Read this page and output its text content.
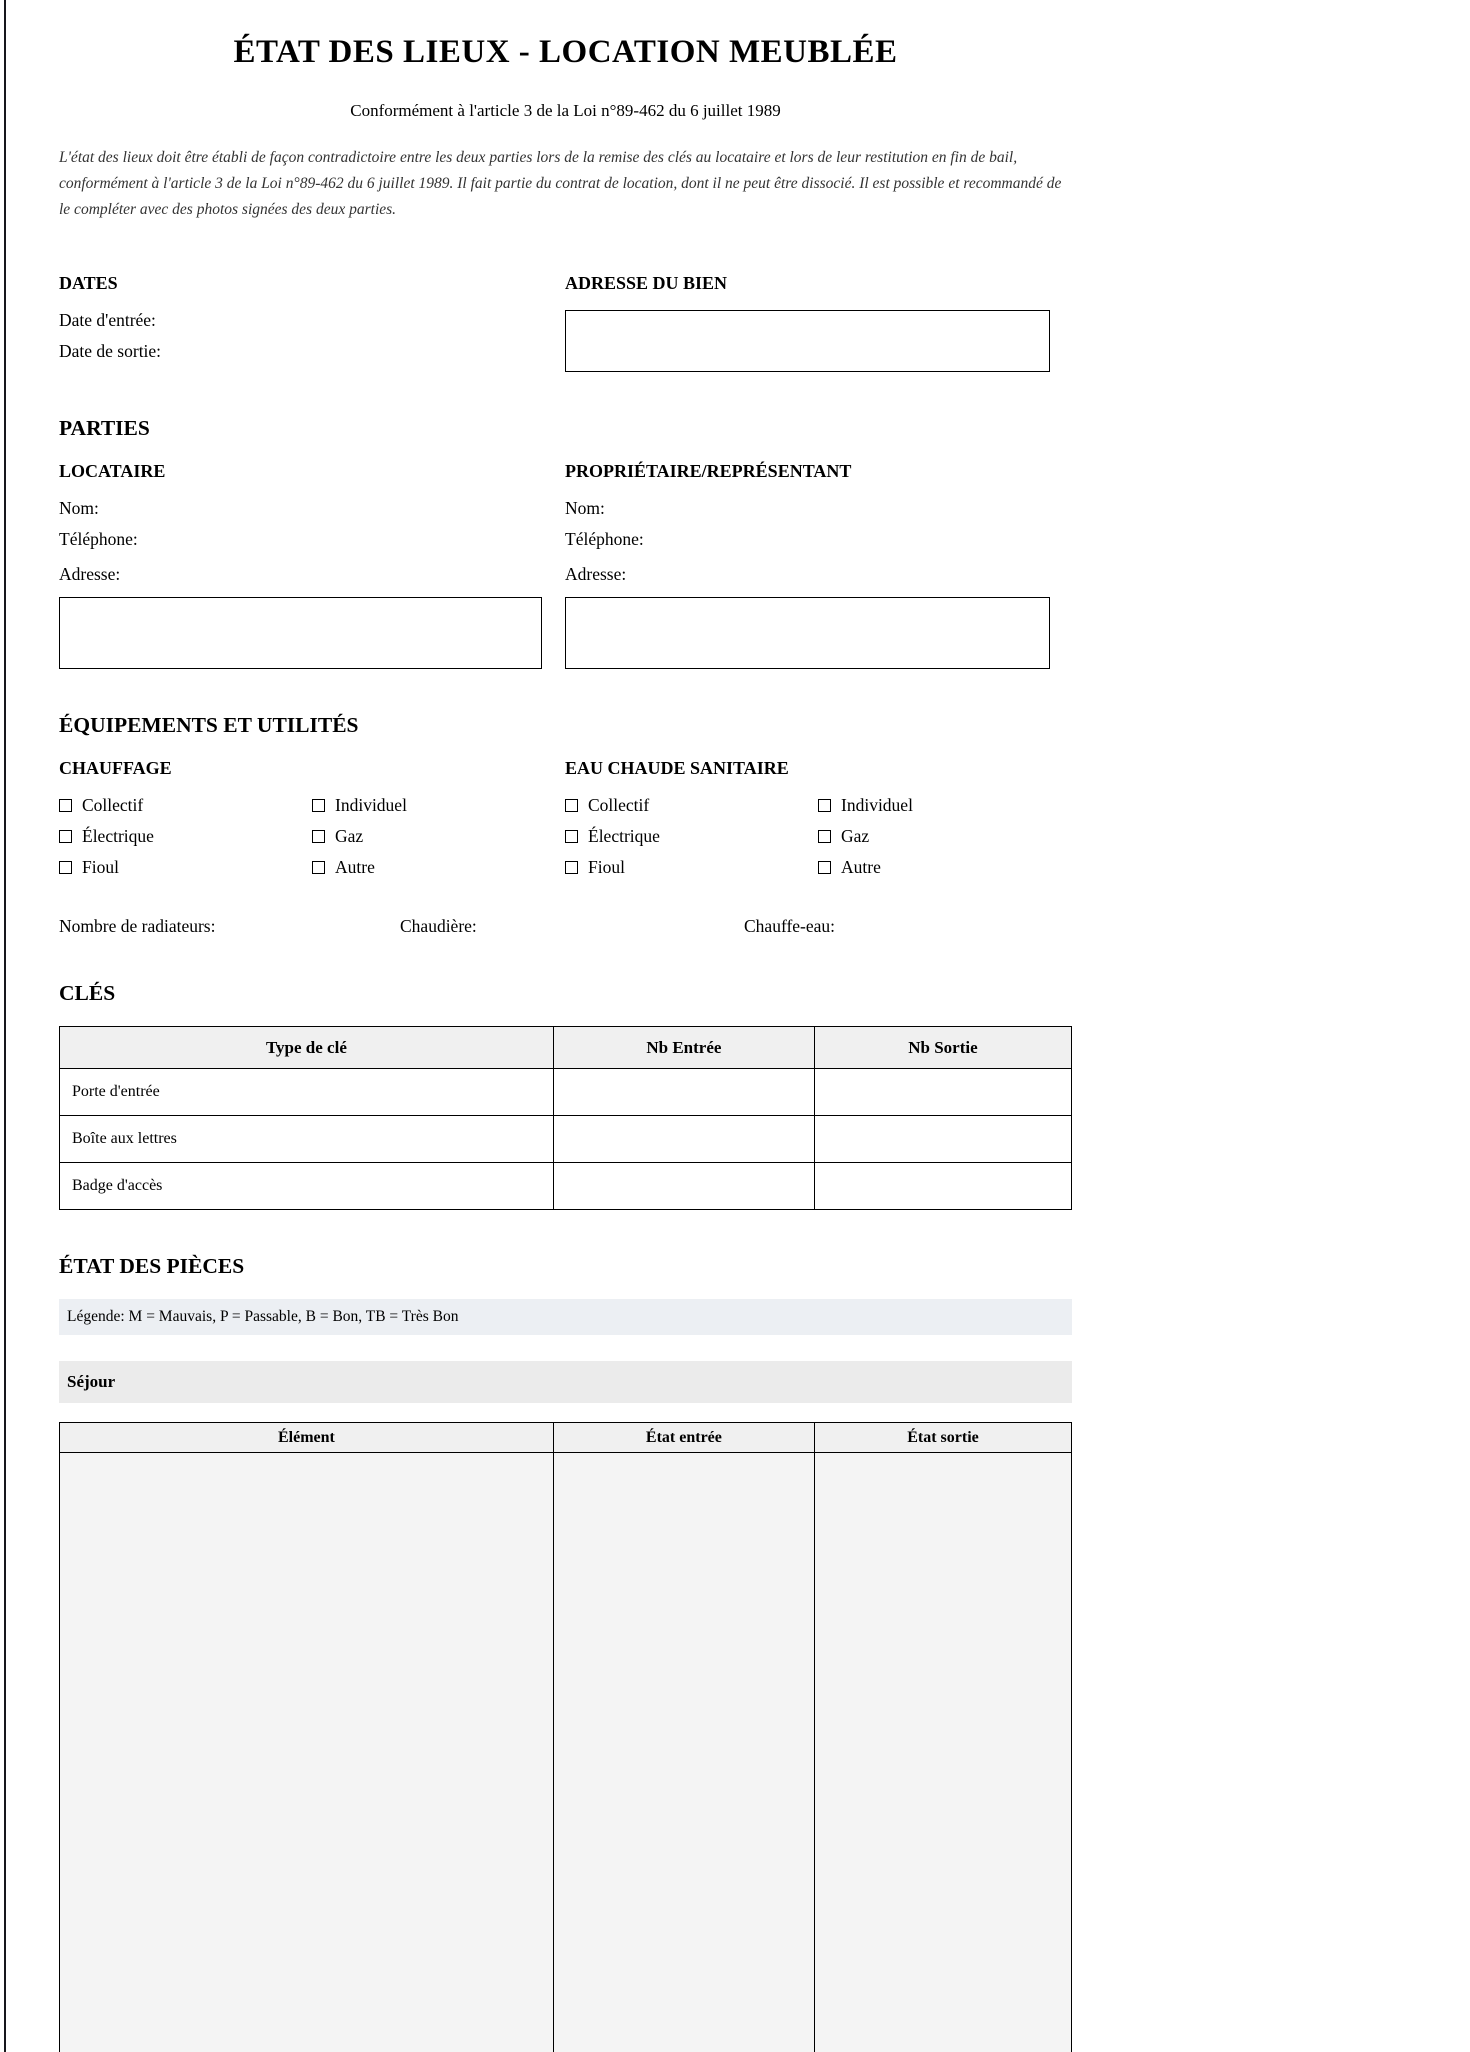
ÉTAT DES LIEUX - LOCATION MEUBLÉE

Conformément à l'article 3 de la Loi n°89-462 du 6 juillet 1989

L'état des lieux doit être établi de façon contradictoire entre les deux parties lors de la remise des clés au locataire et lors de leur restitution en fin de bail, conformément à l'article 3 de la Loi n°89-462 du 6 juillet 1989. Il fait partie du contrat de location, dont il ne peut être dissocié. Il est possible et recommandé de le compléter avec des photos signées des deux parties.

DATES
Date d'entrée:
Date de sortie:
ADRESSE DU BIEN
PARTIES
LOCATAIRE
Nom:
Téléphone:
Adresse:
PROPRIÉTAIRE/REPRÉSENTANT
Nom:
Téléphone:
Adresse:
ÉQUIPEMENTS ET UTILITÉS
CHAUFFAGE
Collectif	Individuel
Électrique	Gaz
Fioul	Autre
EAU CHAUDE SANITAIRE
Collectif	Individuel
Électrique	Gaz
Fioul	Autre
Nombre de radiateurs:	Chaudière:	Chauffe-eau:
CLÉS
Type de clé	Nb Entrée	Nb Sortie
Porte d'entrée		
Boîte aux lettres		
Badge d'accès		
ÉTAT DES PIÈCES
Légende: M = Mauvais, P = Passable, B = Bon, TB = Très Bon
Séjour
Élément	État entrée	État sortie
